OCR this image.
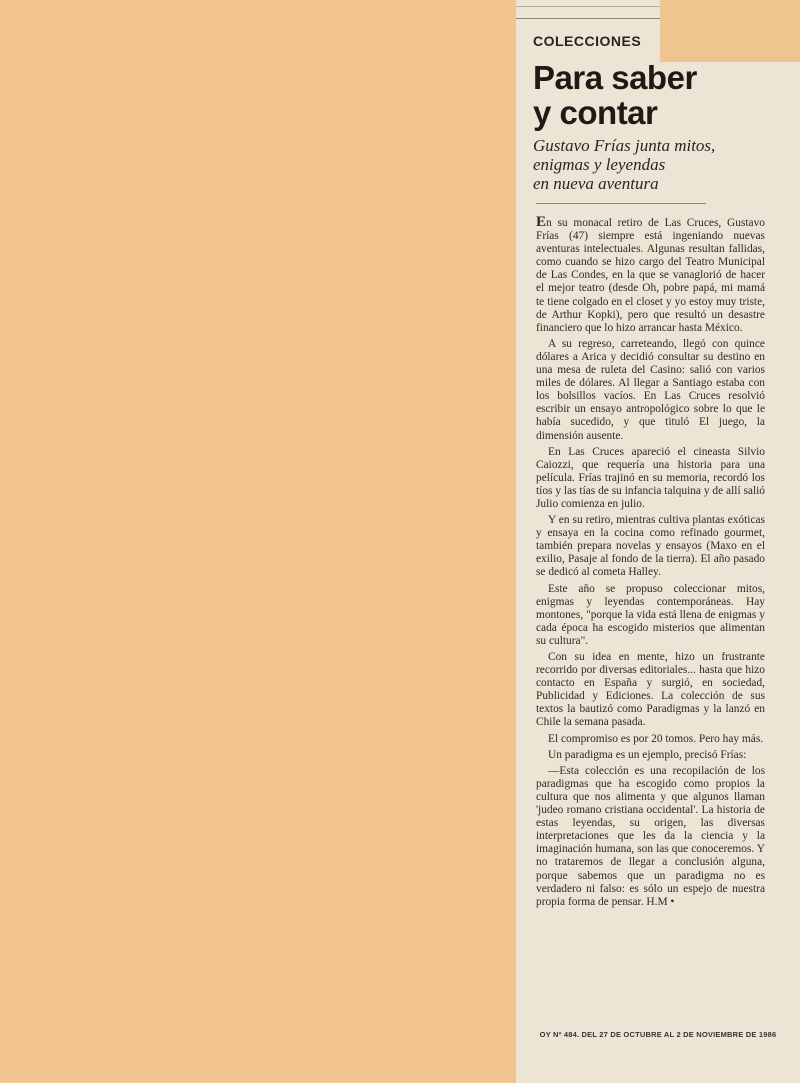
COLECCIONES
Para saber
y contar
Gustavo Frías junta mitos,
enigmas y leyendas
en nueva aventura

En su monacal retiro de Las Cruces, Gustavo Frías (47) siempre está ingeniando nuevas aventuras intelectuales. Algunas resultan fallidas, como cuando se hizo cargo del Teatro Municipal de Las Condes, en la que se vanaglorió de hacer el mejor teatro (desde Oh, pobre papá, mi mamá te tiene colgado en el closet y yo estoy muy triste, de Arthur Kopki), pero que resultó un desastre financiero que lo hizo arrancar hasta México.

A su regreso, carreteando, llegó con quince dólares a Arica y decidió consultar su destino en una mesa de ruleta del Casino: salió con varios miles de dólares. Al llegar a Santiago estaba con los bolsillos vacíos. En Las Cruces resolvió escribir un ensayo antropológico sobre lo que le había sucedido, y que tituló El juego, la dimensión ausente.

En Las Cruces apareció el cineasta Silvio Caiozzi, que requería una historia para una película. Frías trajinó en su memoria, recordó los tíos y las tías de su infancia talquina y de allí salió Julio comienza en julio.

Y en su retiro, mientras cultiva plantas exóticas y ensaya en la cocina como refinado gourmet, también prepara novelas y ensayos (Maxo en el exilio, Pasaje al fondo de la tierra). El año pasado se dedicó al cometa Halley.

Este año se propuso coleccionar mitos, enigmas y leyendas contemporáneas. Hay montones, "porque la vida está llena de enigmas y cada época ha escogido misterios que alimentan su cultura".

Con su idea en mente, hizo un frustrante recorrido por diversas editoriales... hasta que hizo contacto en España y surgió, en sociedad, Publicidad y Ediciones. La colección de sus textos la bautizó como Paradigmas y la lanzó en Chile la semana pasada.

El compromiso es por 20 tomos. Pero hay más.

Un paradigma es un ejemplo, precisó Frías:

—Esta colección es una recopilación de los paradigmas que ha escogido como propios la cultura que nos alimenta y que algunos llaman 'judeo romano cristiana occidental'. La historia de estas leyendas, su origen, las diversas interpretaciones que les da la ciencia y la imaginación humana, son las que conoceremos. Y no trataremos de llegar a conclusión alguna, porque sabemos que un paradigma no es verdadero ni falso: es sólo un espejo de nuestra propia forma de pensar. H.M •

OY Nº 484. DEL 27 DE OCTUBRE AL 2 DE NOVIEMBRE DE 1986
